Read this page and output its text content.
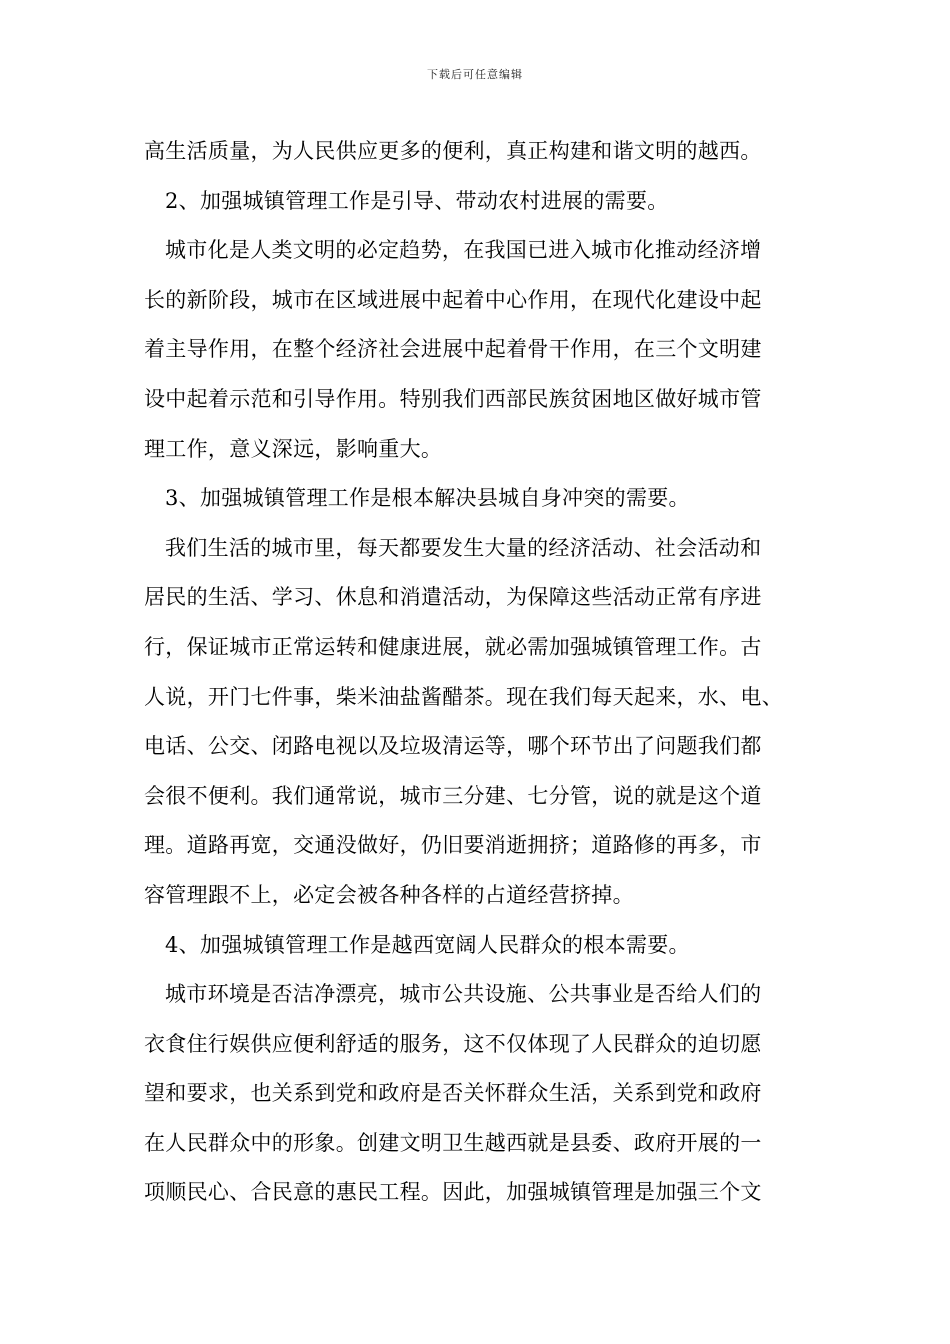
下载后可任意编辑
高生活质量，为人民供应更多的便利，真正构建和谐文明的越西。
2、加强城镇管理工作是引导、带动农村进展的需要。
城市化是人类文明的必定趋势，在我国已进入城市化推动经济增
长的新阶段，城市在区域进展中起着中心作用，在现代化建设中起
着主导作用，在整个经济社会进展中起着骨干作用，在三个文明建
设中起着示范和引导作用。特别我们西部民族贫困地区做好城市管
理工作，意义深远，影响重大。
3、加强城镇管理工作是根本解决县城自身冲突的需要。
我们生活的城市里，每天都要发生大量的经济活动、社会活动和
居民的生活、学习、休息和消遣活动，为保障这些活动正常有序进
行，保证城市正常运转和健康进展，就必需加强城镇管理工作。古
人说，开门七件事，柴米油盐酱醋茶。现在我们每天起来，水、电、
电话、公交、闭路电视以及垃圾清运等，哪个环节出了问题我们都
会很不便利。我们通常说，城市三分建、七分管，说的就是这个道
理。道路再宽，交通没做好，仍旧要消逝拥挤；道路修的再多，市
容管理跟不上，必定会被各种各样的占道经营挤掉。
4、加强城镇管理工作是越西宽阔人民群众的根本需要。
城市环境是否洁净漂亮，城市公共设施、公共事业是否给人们的
衣食住行娱供应便利舒适的服务，这不仅体现了人民群众的迫切愿
望和要求，也关系到党和政府是否关怀群众生活，关系到党和政府
在人民群众中的形象。创建文明卫生越西就是县委、政府开展的一
项顺民心、合民意的惠民工程。因此，加强城镇管理是加强三个文
